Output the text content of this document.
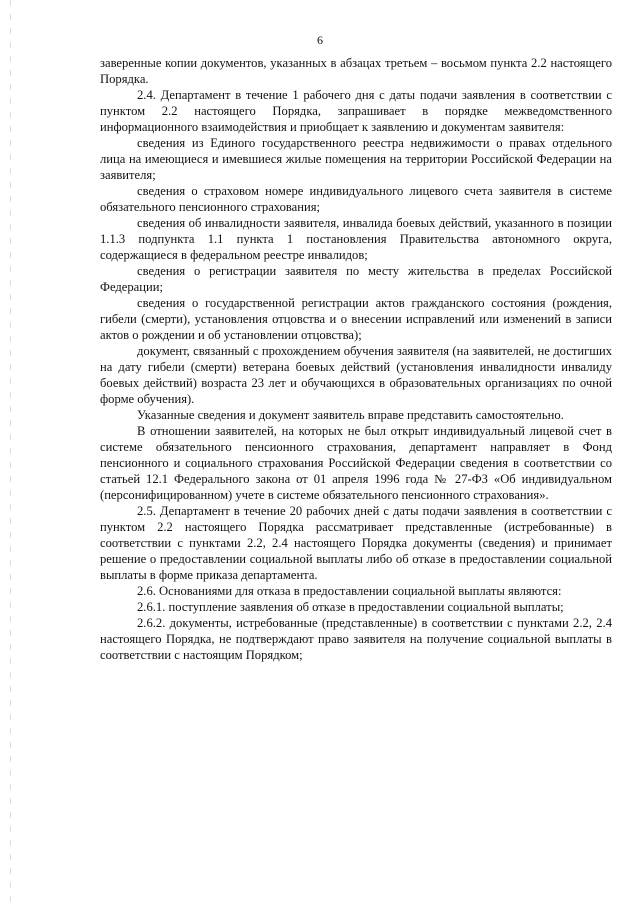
6

заверенные копии документов, указанных в абзацах третьем – восьмом пункта 2.2 настоящего Порядка.

2.4. Департамент в течение 1 рабочего дня с даты подачи заявления в соответствии с пунктом 2.2 настоящего Порядка, запрашивает в порядке межведомственного информационного взаимодействия и приобщает к заявлению и документам заявителя:

сведения из Единого государственного реестра недвижимости о правах отдельного лица на имеющиеся и имевшиеся жилые помещения на территории Российской Федерации на заявителя;

сведения о страховом номере индивидуального лицевого счета заявителя в системе обязательного пенсионного страхования;

сведения об инвалидности заявителя, инвалида боевых действий, указанного в позиции 1.1.3 подпункта 1.1 пункта 1 постановления Правительства автономного округа, содержащиеся в федеральном реестре инвалидов;

сведения о регистрации заявителя по месту жительства в пределах Российской Федерации;

сведения о государственной регистрации актов гражданского состояния (рождения, гибели (смерти), установления отцовства и о внесении исправлений или изменений в записи актов о рождении и об установлении отцовства);

документ, связанный с прохождением обучения заявителя (на заявителей, не достигших на дату гибели (смерти) ветерана боевых действий (установления инвалидности инвалиду боевых действий) возраста 23 лет и обучающихся в образовательных организациях по очной форме обучения).

Указанные сведения и документ заявитель вправе представить самостоятельно.

В отношении заявителей, на которых не был открыт индивидуальный лицевой счет в системе обязательного пенсионного страхования, департамент направляет в Фонд пенсионного и социального страхования Российской Федерации сведения в соответствии со статьей 12.1 Федерального закона от 01 апреля 1996 года № 27-ФЗ «Об индивидуальном (персонифицированном) учете в системе обязательного пенсионного страхования».

2.5. Департамент в течение 20 рабочих дней с даты подачи заявления в соответствии с пунктом 2.2 настоящего Порядка рассматривает представленные (истребованные) в соответствии с пунктами 2.2, 2.4 настоящего Порядка документы (сведения) и принимает решение о предоставлении социальной выплаты либо об отказе в предоставлении социальной выплаты в форме приказа департамента.

2.6. Основаниями для отказа в предоставлении социальной выплаты являются:

2.6.1. поступление заявления об отказе в предоставлении социальной выплаты;

2.6.2. документы, истребованные (представленные) в соответствии с пунктами 2.2, 2.4 настоящего Порядка, не подтверждают право заявителя на получение социальной выплаты в соответствии с настоящим Порядком;
